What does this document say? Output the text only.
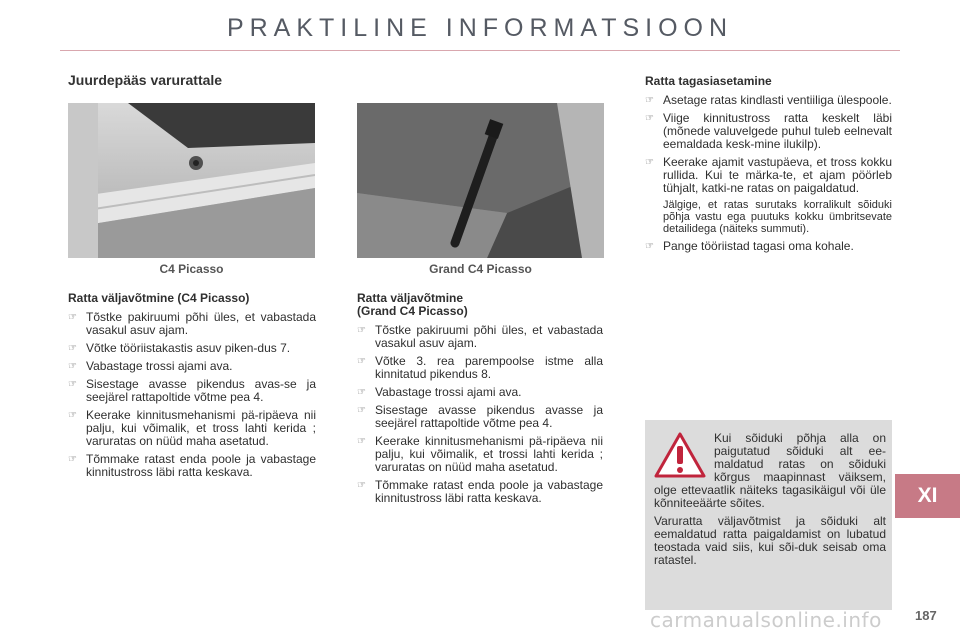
PRAKTILINE INFORMATSIOON
Juurdepääs varurattale
C4 Picasso	Grand C4 Picasso
Ratta väljavõtmine (C4 Picasso)
☞ Tõstke pakiruumi põhi üles, et vabastada vasakul asuv ajam.
☞ Võtke tööriistakastis asuv piken-dus 7.
☞ Vabastage trossi ajami ava.
☞ Sisestage avasse pikendus avas-se ja seejärel rattapoltide võtme pea 4.
☞ Keerake kinnitusmehanismi pä-ripäeva nii palju, kui võimalik, et tross lahti kerida ; varuratas on nüüd maha asetatud.
☞ Tõmmake ratast enda poole ja vabastage kinnitustross läbi ratta keskava.
Ratta väljavõtmine
(Grand C4 Picasso)
☞ Tõstke pakiruumi põhi üles, et vabastada vasakul asuv ajam.
☞ Võtke 3. rea parempoolse istme alla kinnitatud pikendus 8.
☞ Vabastage trossi ajami ava.
☞ Sisestage avasse pikendus avasse ja seejärel rattapoltide võtme pea 4.
☞ Keerake kinnitusmehanismi pä-ripäeva nii palju, kui võimalik, et trossi lahti kerida ; varuratas on nüüd maha asetatud.
☞ Tõmmake ratast enda poole ja vabastage kinnitustross läbi ratta keskava.
Ratta tagasiasetamine
☞ Asetage ratas kindlasti ventiiliga ülespoole.
☞ Viige kinnitustross ratta keskelt läbi (mõnede valuvelgede puhul tuleb eelnevalt eemaldada kesk-mine ilukilp).
☞ Keerake ajamit vastupäeva, et tross kokku rullida. Kui te märka-te, et ajam pöörleb tühjalt, katki-ne ratas on paigaldatud.
Jälgige, et ratas surutaks korralikult sõiduki põhja vastu ega puutuks kokku ümbritsevate detailidega (näiteks summuti).
☞ Pange tööriistad tagasi oma kohale.

Kui sõiduki põhja alla on paigutatud sõiduki alt ee-maldatud ratas on sõiduki kõrgus maapinnast väiksem, olge ettevaatlik näiteks tagasikäigul või üle kõnniteeäärte sõites.

Varuratta väljavõtmist ja sõiduki alt eemaldatud ratta paigaldamist on lubatud teostada vaid siis, kui sõi-duk seisab oma ratastel.

XI
carmanualsonline.info	187
